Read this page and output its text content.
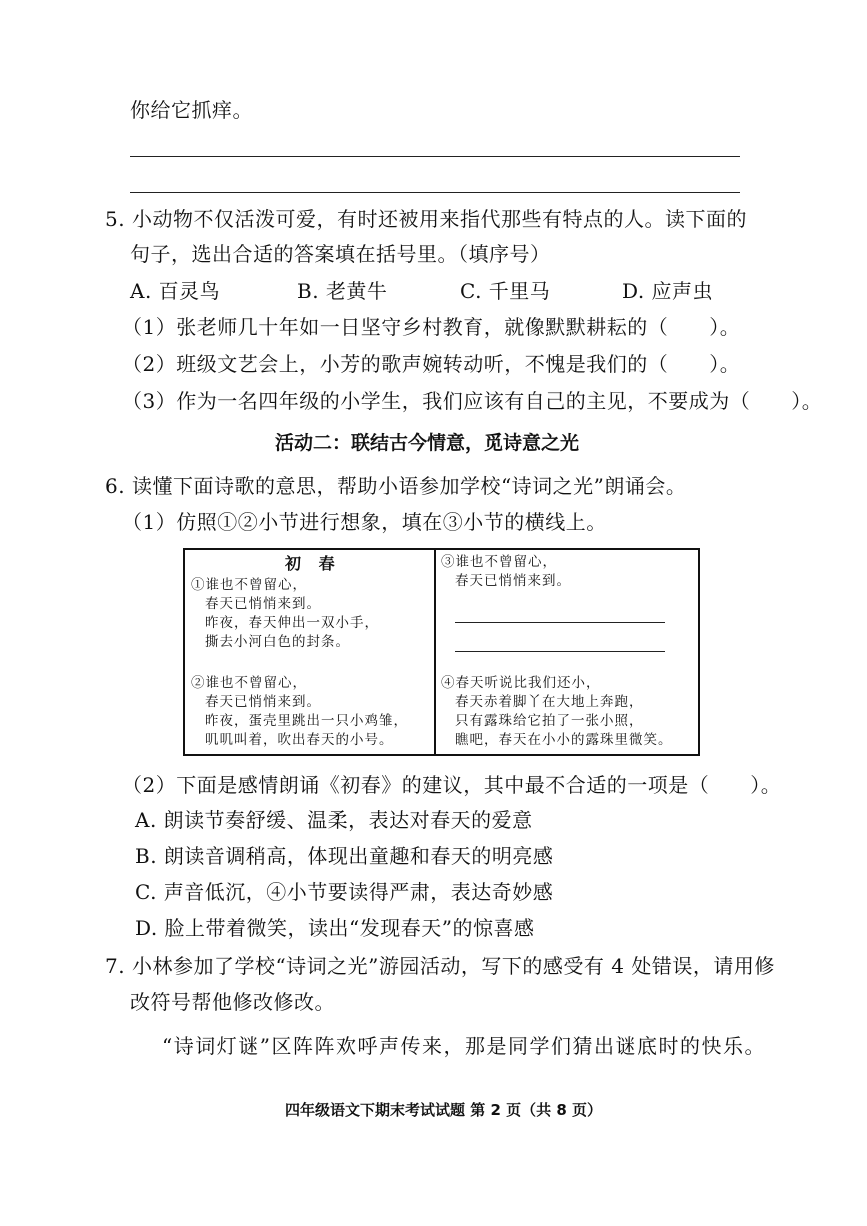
你给它抓痒。
5. 小动物不仅活泼可爱，有时还被用来指代那些有特点的人。读下面的
句子，选出合适的答案填在括号里。（填序号）
A. 百灵鸟	B. 老黄牛	C. 千里马	D. 应声虫
（1）张老师几十年如一日坚守乡村教育，就像默默耕耘的（　　）。
（2）班级文艺会上，小芳的歌声婉转动听，不愧是我们的（　　）。
（3）作为一名四年级的小学生，我们应该有自己的主见，不要成为（　　）。
活动二：联结古今情意，觅诗意之光
6. 读懂下面诗歌的意思，帮助小语参加学校“诗词之光”朗诵会。
（1）仿照①②小节进行想象，填在③小节的横线上。
初 春
①谁也不曾留心，
春天已悄悄来到。
昨夜，春天伸出一双小手，
撕去小河白色的封条。
②谁也不曾留心，
春天已悄悄来到。
昨夜，蛋壳里跳出一只小鸡雏，
叽叽叫着，吹出春天的小号。
③谁也不曾留心，
春天已悄悄来到。
④春天听说比我们还小，
春天赤着脚丫在大地上奔跑，
只有露珠给它拍了一张小照，
瞧吧，春天在小小的露珠里微笑。
（2）下面是感情朗诵《初春》的建议，其中最不合适的一项是（　　）。
A. 朗读节奏舒缓、温柔，表达对春天的爱意
B. 朗读音调稍高，体现出童趣和春天的明亮感
C. 声音低沉，④小节要读得严肃，表达奇妙感
D. 脸上带着微笑，读出“发现春天”的惊喜感
7. 小林参加了学校“诗词之光”游园活动，写下的感受有 4 处错误，请用修
改符号帮他修改修改。
“诗词灯谜”区阵阵欢呼声传来，那是同学们猜出谜底时的快乐。
四年级语文下期末考试试题 第 2 页（共 8 页）
